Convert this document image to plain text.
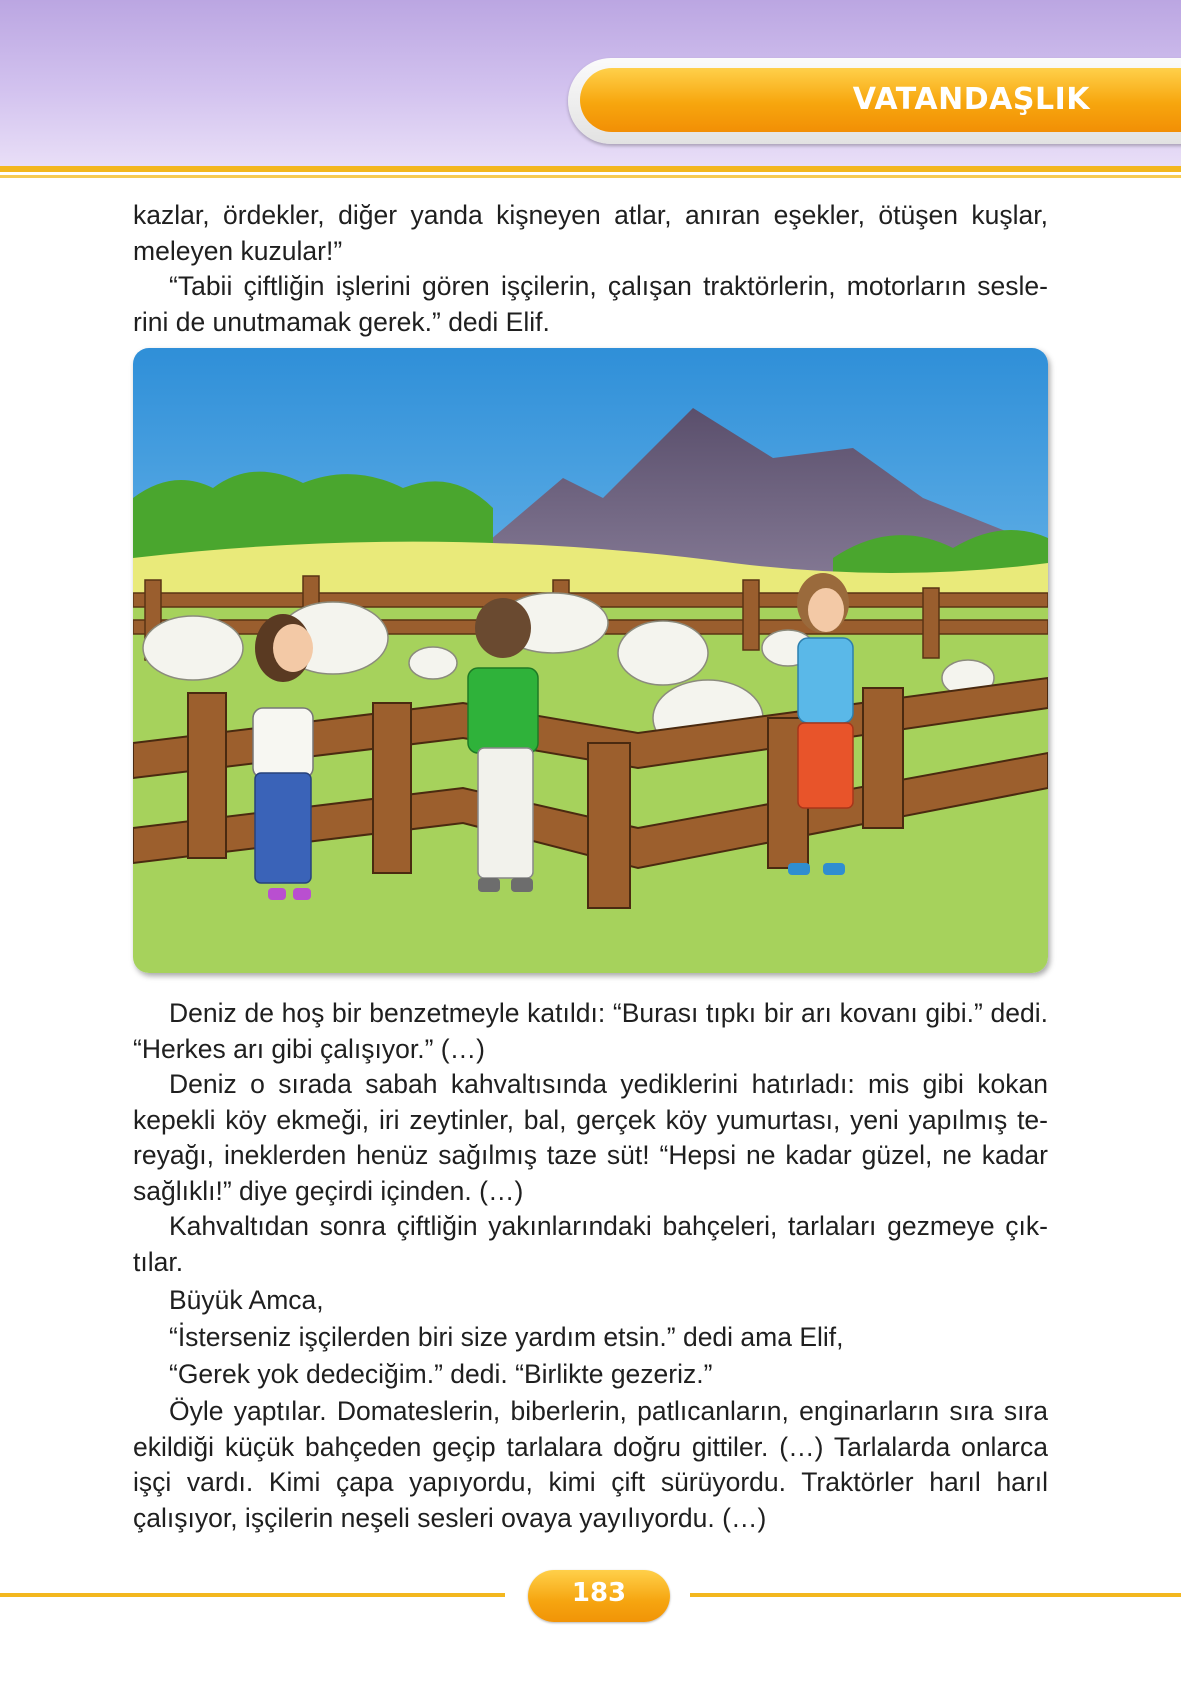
VATANDAŞLIK

kazlar, ördekler, diğer yanda kişneyen atlar, anıran eşekler, ötüşen kuşlar, meleyen kuzular!”

“Tabii çiftliğin işlerini gören işçilerin, çalışan traktörlerin, motorların sesle-rini de unutmamak gerek.” dedi Elif.

Deniz de hoş bir benzetmeyle katıldı: “Burası tıpkı bir arı kovanı gibi.” dedi. “Herkes arı gibi çalışıyor.” (…)

Deniz o sırada sabah kahvaltısında yediklerini hatırladı: mis gibi kokan kepekli köy ekmeği, iri zeytinler, bal, gerçek köy yumurtası, yeni yapılmış te-reyağı, ineklerden henüz sağılmış taze süt! “Hepsi ne kadar güzel, ne kadar sağlıklı!” diye geçirdi içinden. (…)

Kahvaltıdan sonra çiftliğin yakınlarındaki bahçeleri, tarlaları gezmeye çık-tılar.

Büyük Amca,

“İsterseniz işçilerden biri size yardım etsin.” dedi ama Elif,

“Gerek yok dedeciğim.” dedi. “Birlikte gezeriz.”

Öyle yaptılar. Domateslerin, biberlerin, patlıcanların, enginarların sıra sıra ekildiği küçük bahçeden geçip tarlalara doğru gittiler. (…) Tarlalarda onlarca işçi vardı. Kimi çapa yapıyordu, kimi çift sürüyordu. Traktörler harıl harıl çalışıyor, işçilerin neşeli sesleri ovaya yayılıyordu. (…)

183
